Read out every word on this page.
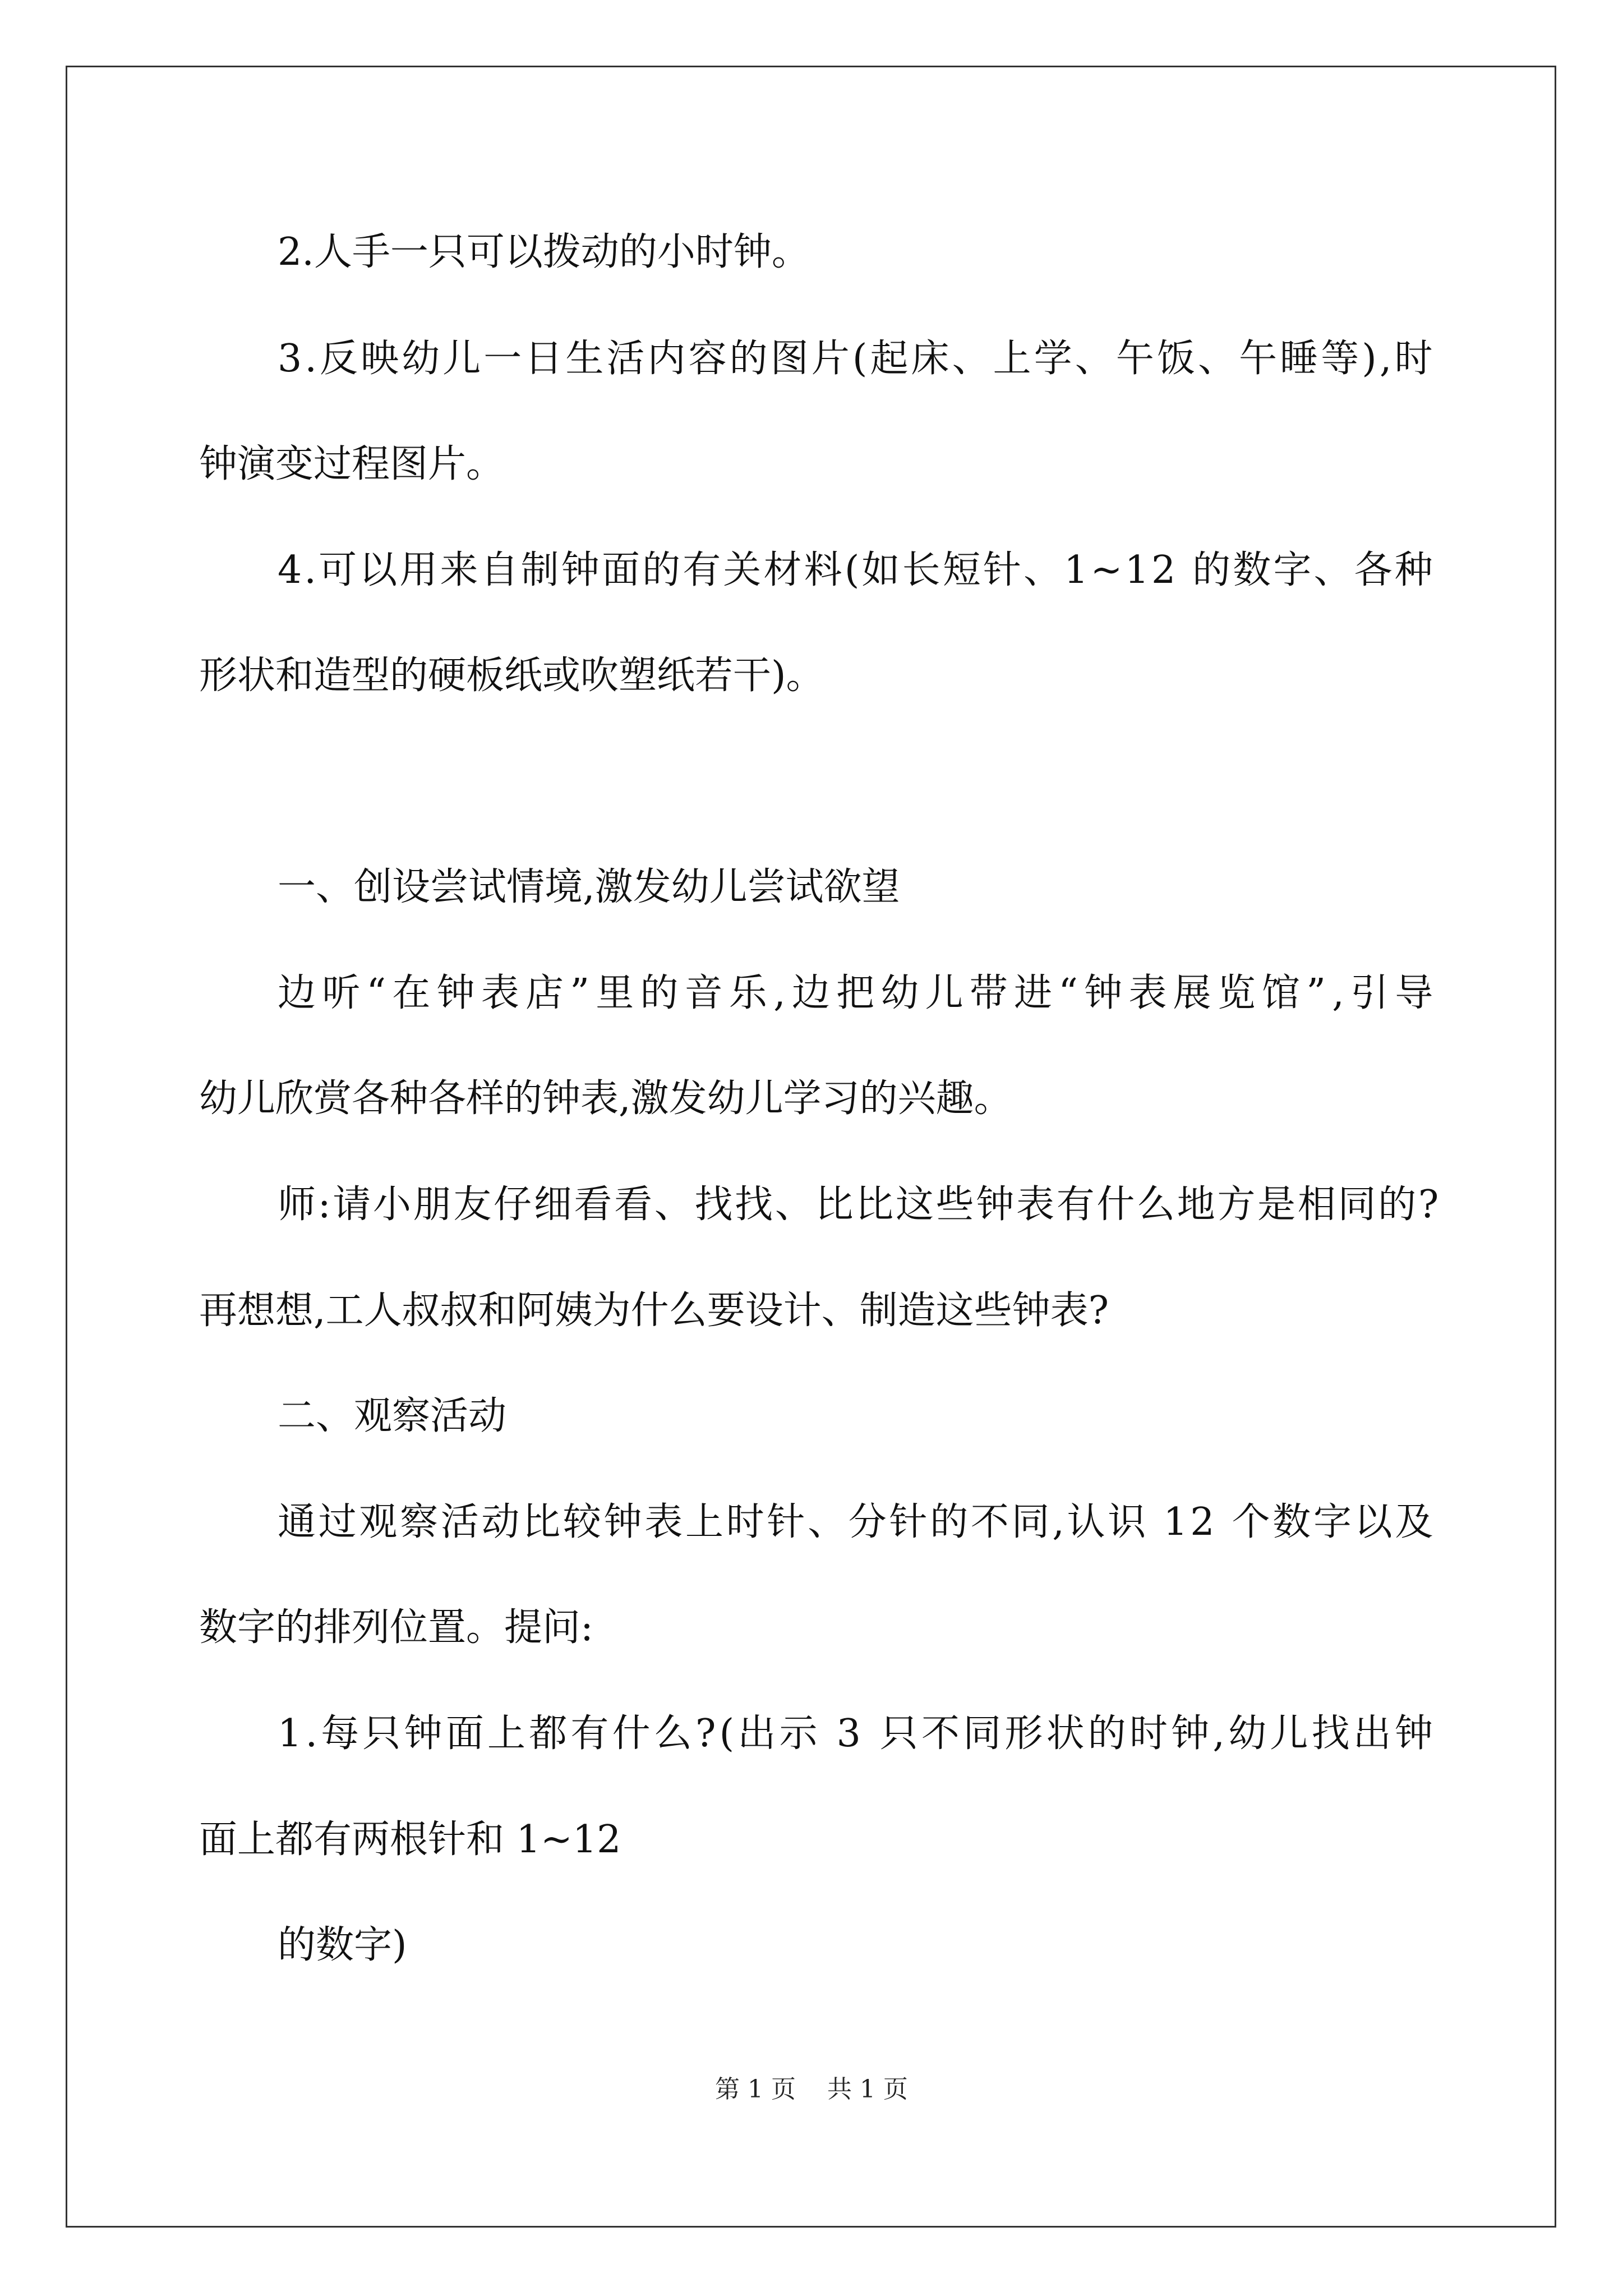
2.人手一只可以拨动的小时钟。
3.反映幼儿一日生活内容的图片(起床、上学、午饭、午睡等),时
钟演变过程图片。
4.可以用来自制钟面的有关材料(如长短针、1~12 的数字、各种
形状和造型的硬板纸或吹塑纸若干)。
一、创设尝试情境,激发幼儿尝试欲望
边听“在钟表店”里的音乐,边把幼儿带进“钟表展览馆”,引导
幼儿欣赏各种各样的钟表,激发幼儿学习的兴趣。
师:请小朋友仔细看看、找找、比比这些钟表有什么地方是相同的?
再想想,工人叔叔和阿姨为什么要设计、制造这些钟表?
二、观察活动
通过观察活动比较钟表上时针、分针的不同,认识 12 个数字以及
数字的排列位置。提问:
1.每只钟面上都有什么?(出示 3 只不同形状的时钟,幼儿找出钟
面上都有两根针和 1~12
的数字)
第 1 页    共 1 页
